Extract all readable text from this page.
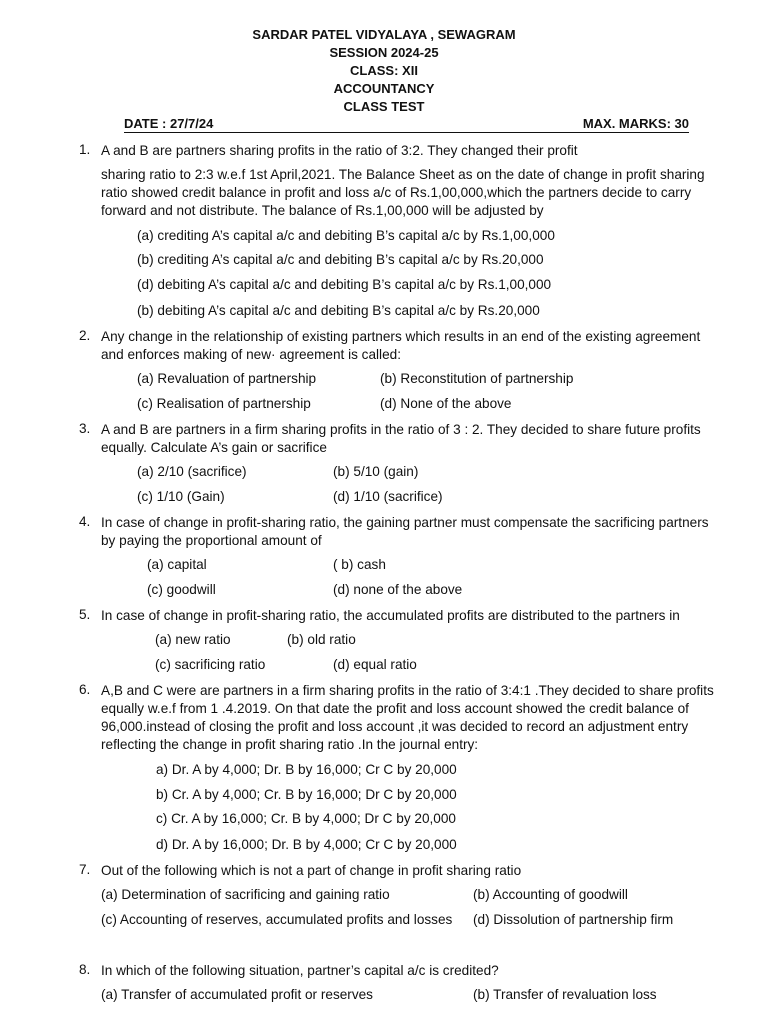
SARDAR PATEL VIDYALAYA , SEWAGRAM
SESSION 2024-25
CLASS: XII
ACCOUNTANCY
CLASS TEST
DATE : 27/7/24	MAX. MARKS: 30
1. A and B are partners sharing profits in the ratio of 3:2. They changed their profit
sharing ratio to 2:3 w.e.f 1st April,2021. The Balance Sheet as on the date of change in profit sharing ratio showed credit balance in profit and loss a/c of Rs.1,00,000,which the partners decide to carry forward and not distribute. The balance of Rs.1,00,000 will be adjusted by
(a) crediting A’s capital a/c and debiting B’s capital a/c by Rs.1,00,000
(b) crediting A’s capital a/c and debiting B’s capital a/c by Rs.20,000
(d) debiting A’s capital a/c and debiting B’s capital a/c by Rs.1,00,000
(b) debiting A’s capital a/c and debiting B’s capital a/c by Rs.20,000
2. Any change in the relationship of existing partners which results in an end of the existing agreement and enforces making of new· agreement is called:
(a) Revaluation of partnership	(b) Reconstitution of partnership
(c) Realisation of partnership	(d) None of the above
3. A and B are partners in a firm sharing profits in the ratio of 3 : 2. They decided to share future profits equally. Calculate A’s gain or sacrifice
(a) 2/10 (sacrifice)	(b) 5/10 (gain)
(c) 1/10 (Gain)	(d) 1/10 (sacrifice)
4. In case of change in profit-sharing ratio, the gaining partner must compensate the sacrificing partners by paying the proportional amount of
(a) capital	( b) cash
(c) goodwill	(d) none of the above
5. In case of change in profit-sharing ratio, the accumulated profits are distributed to the partners in
(a) new ratio	(b) old ratio
(c) sacrificing ratio	(d) equal ratio
6. A,B and C were are partners in a firm sharing profits in the ratio of 3:4:1 .They decided to share profits equally w.e.f from 1 .4.2019. On that date the profit and loss account showed the credit balance of 96,000.instead of closing the profit and loss account ,it was decided to record an adjustment entry reflecting the change in profit sharing ratio .In the journal entry:
a) Dr. A by 4,000; Dr. B by 16,000; Cr C by 20,000
b) Cr. A by 4,000; Cr. B by 16,000; Dr C by 20,000
c) Cr. A by 16,000; Cr. B by 4,000; Dr C by 20,000
d) Dr. A by 16,000; Dr. B by 4,000; Cr C by 20,000
7. Out of the following which is not a part of change in profit sharing ratio
(a) Determination of sacrificing and gaining ratio	(b) Accounting of goodwill
(c) Accounting of reserves, accumulated profits and losses (d) Dissolution of partnership firm
8. In which of the following situation, partner’s capital a/c is credited?
(a) Transfer of accumulated profit or reserves	(b) Transfer of revaluation loss
